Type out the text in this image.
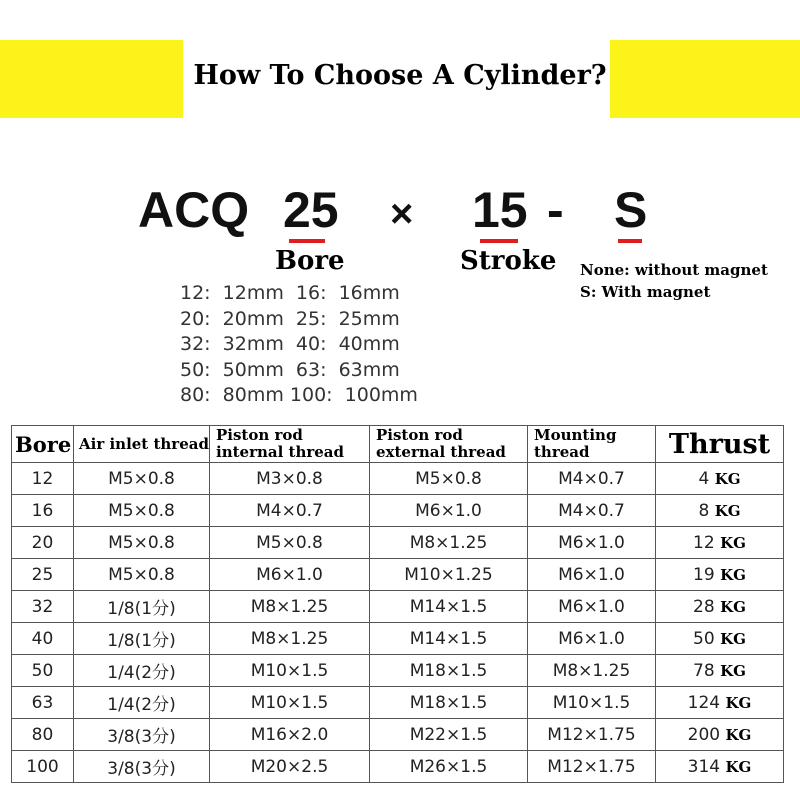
How To Choose A Cylinder?
ACQ 25 × 15 - S
Bore	Stroke None: without magnet
S: With magnet
12:  12mm  16:  16mm
20:  20mm  25:  25mm
32:  32mm  40:  40mm
50:  50mm  63:  63mm
80:  80mm 100:  100mm
Bore	Air inlet thread	Piston rod internal thread	Piston rod external thread	Mounting thread	Thrust
12	M5×0.8	M3×0.8	M5×0.8	M4×0.7	4 KG
16	M5×0.8	M4×0.7	M6×1.0	M4×0.7	8 KG
20	M5×0.8	M5×0.8	M8×1.25	M6×1.0	12 KG
25	M5×0.8	M6×1.0	M10×1.25	M6×1.0	19 KG
32	1/8(1分)	M8×1.25	M14×1.5	M6×1.0	28 KG
40	1/8(1分)	M8×1.25	M14×1.5	M6×1.0	50 KG
50	1/4(2分)	M10×1.5	M18×1.5	M8×1.25	78 KG
63	1/4(2分)	M10×1.5	M18×1.5	M10×1.5	124 KG
80	3/8(3分)	M16×2.0	M22×1.5	M12×1.75	200 KG
100	3/8(3分)	M20×2.5	M26×1.5	M12×1.75	314 KG
